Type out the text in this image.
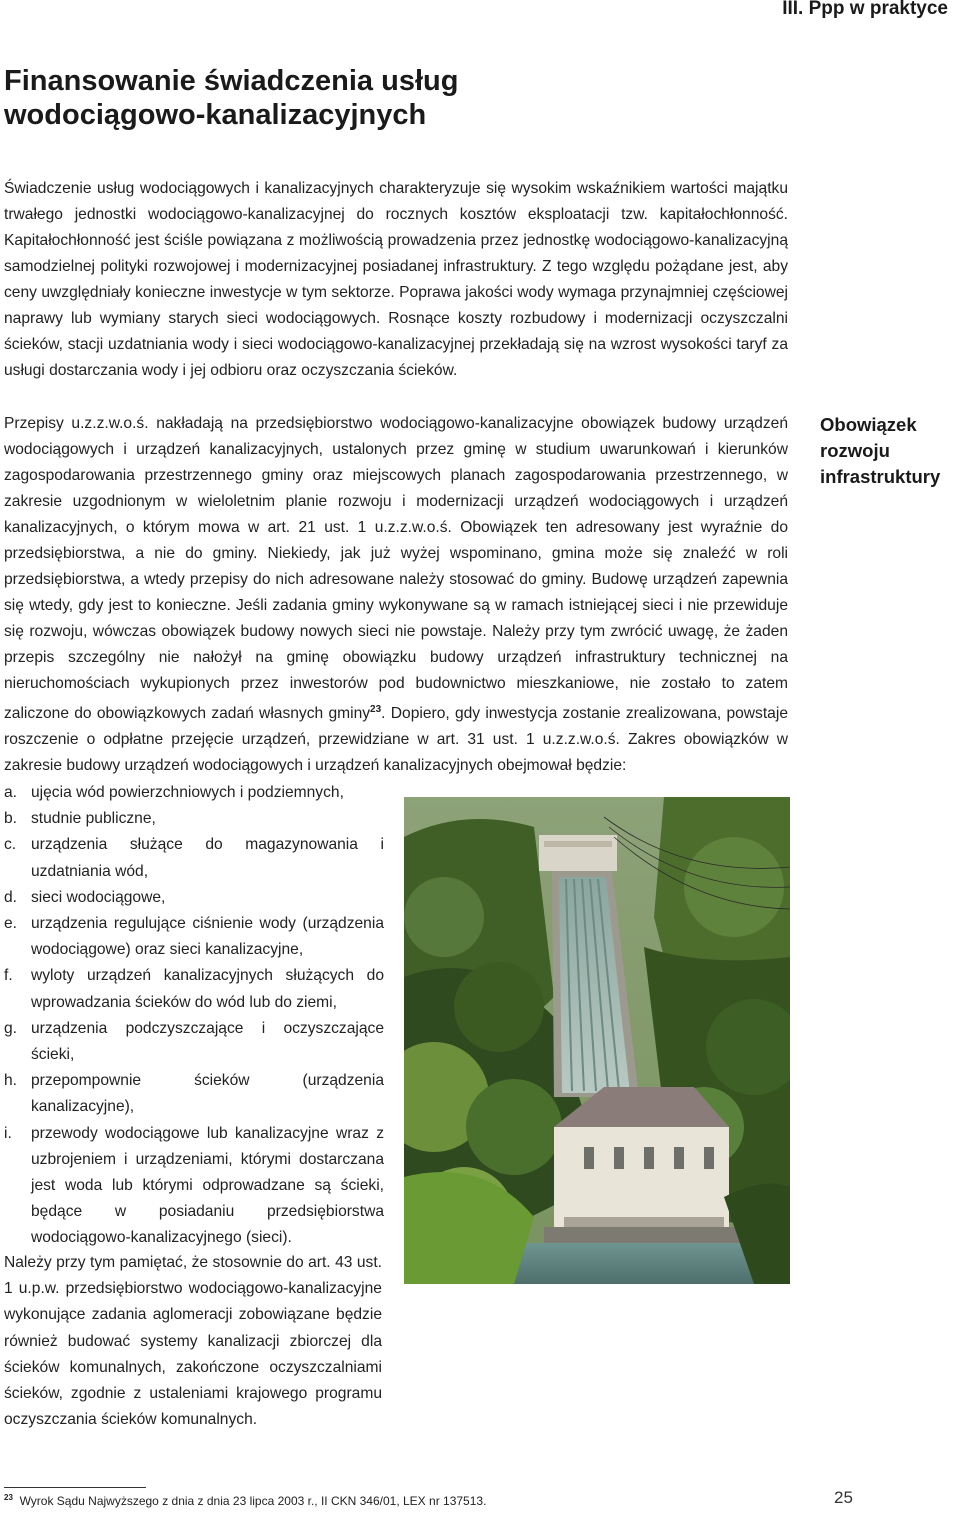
III. Ppp w praktyce
Finansowanie świadczenia usług
wodociągowo-kanalizacyjnych
Świadczenie usług wodociągowych i kanalizacyjnych charakteryzuje się wysokim wskaźnikiem wartości majątku trwałego jednostki wodociągowo-kanalizacyjnej do rocznych kosztów eksploatacji tzw. kapitałochłonność. Kapitałochłonność jest ściśle powiązana z możliwością prowadzenia przez jednostkę wodociągowo-kanalizacyjną samodzielnej polityki rozwojowej i modernizacyjnej posiadanej infrastruktury. Z tego względu pożądane jest, aby ceny uwzględniały konieczne inwestycje w tym sektorze. Poprawa jakości wody wymaga przynajmniej częściowej naprawy lub wymiany starych sieci wodociągowych. Rosnące koszty rozbudowy i modernizacji oczyszczalni ścieków, stacji uzdatniania wody i sieci wodociągowo-kanalizacyjnej przekładają się na wzrost wysokości taryf za usługi dostarczania wody i jej odbioru oraz oczyszczania ścieków.
Obowiązek
rozwoju
infrastruktury
Przepisy u.z.z.w.o.ś. nakładają na przedsiębiorstwo wodociągowo-kanalizacyjne obowiązek budowy urządzeń wodociągowych i urządzeń kanalizacyjnych, ustalonych przez gminę w studium uwarunkowań i kierunków zagospodarowania przestrzennego gminy oraz miejscowych planach zagospodarowania przestrzennego, w zakresie uzgodnionym w wieloletnim planie rozwoju i modernizacji urządzeń wodociągowych i urządzeń kanalizacyjnych, o którym mowa w art. 21 ust. 1 u.z.z.w.o.ś. Obowiązek ten adresowany jest wyraźnie do przedsiębiorstwa, a nie do gminy. Niekiedy, jak już wyżej wspominano, gmina może się znaleźć w roli przedsiębiorstwa, a wtedy przepisy do nich adresowane należy stosować do gminy. Budowę urządzeń zapewnia się wtedy, gdy jest to konieczne. Jeśli zadania gminy wykonywane są w ramach istniejącej sieci i nie przewiduje się rozwoju, wówczas obowiązek budowy nowych sieci nie powstaje. Należy przy tym zwrócić uwagę, że żaden przepis szczególny nie nałożył na gminę obowiązku budowy urządzeń infrastruktury technicznej na nieruchomościach wykupionych przez inwestorów pod budownictwo mieszkaniowe, nie zostało to zatem zaliczone do obowiązkowych zadań własnych gminy$^{23}$. Dopiero, gdy inwestycja zostanie zrealizowana, powstaje roszczenie o odpłatne przejęcie urządzeń, przewidziane w art. 31 ust. 1 u.z.z.w.o.ś. Zakres obowiązków w zakresie budowy urządzeń wodociągowych i urządzeń kanalizacyjnych obejmował będzie:
a. ujęcia wód powierzchniowych i podziemnych,
b. studnie publiczne,
c. urządzenia służące do magazynowania i uzdatniania wód,
d. sieci wodociągowe,
e. urządzenia regulujące ciśnienie wody (urządzenia wodociągowe) oraz sieci kanalizacyjne,
f. wyloty urządzeń kanalizacyjnych służących do wprowadzania ścieków do wód lub do ziemi,
g. urządzenia podczyszczające i oczyszczające ścieki,
h. przepompownie ścieków (urządzenia kanalizacyjne),
i. przewody wodociągowe lub kanalizacyjne wraz z uzbrojeniem i urządzeniami, którymi dostarczana jest woda lub którymi odprowadzane są ścieki, będące w posiadaniu przedsiębiorstwa wodociągowo-kanalizacyjnego (sieci).
Należy przy tym pamiętać, że stosownie do art. 43 ust. 1 u.p.w. przedsiębiorstwo wodociągowo-kanalizacyjne wykonujące zadania aglomeracji zobowiązane będzie również budować systemy kanalizacji zbiorczej dla ścieków komunalnych, zakończone oczyszczalniami ścieków, zgodnie z ustaleniami krajowego programu oczyszczania ścieków komunalnych.
$^{23}$ Wyrok Sądu Najwyższego z dnia z dnia 23 lipca 2003 r., II CKN 346/01, LEX nr 137513.	25
